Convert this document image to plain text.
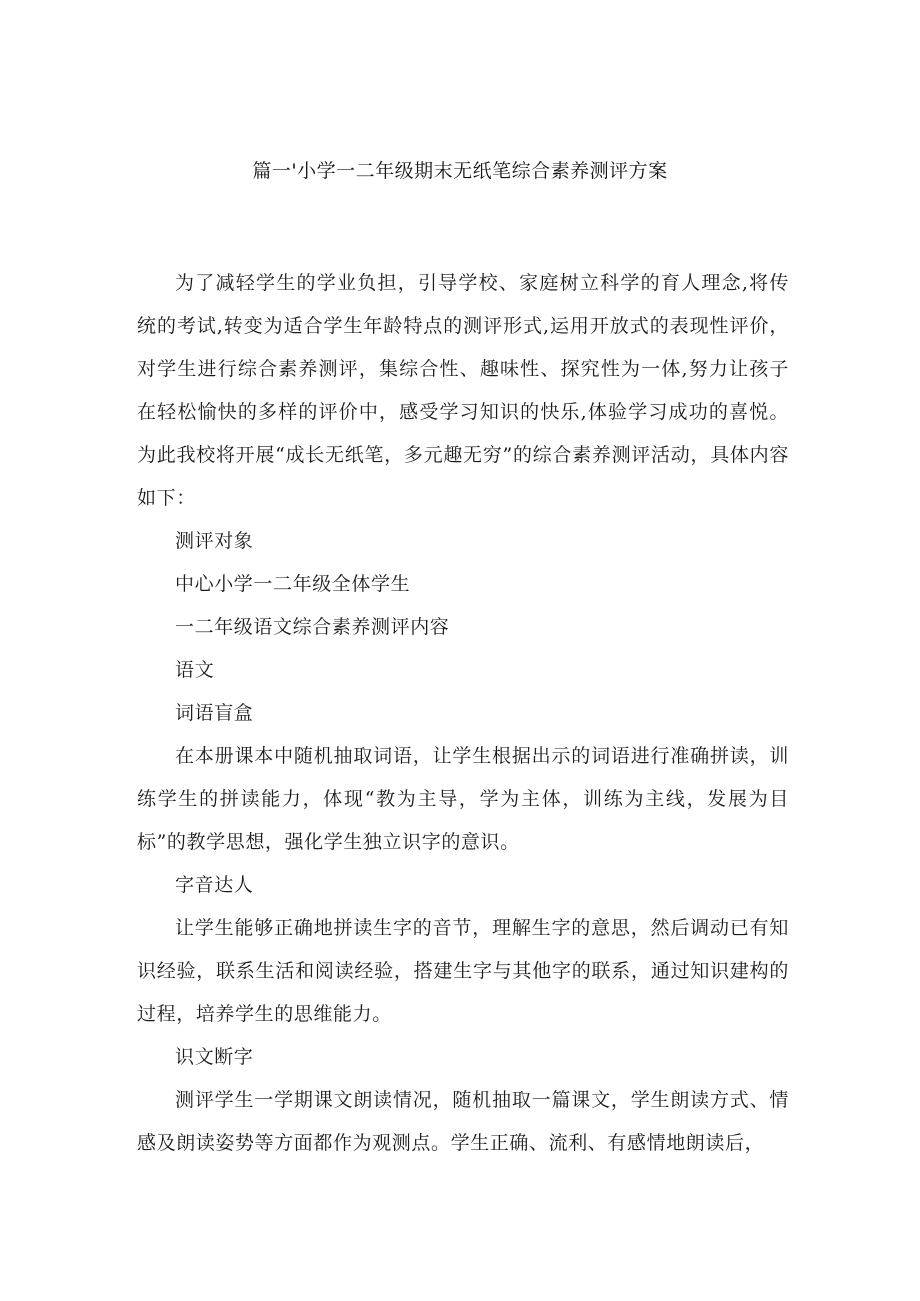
篇一'小学一二年级期末无纸笔综合素养测评方案

为了减轻学生的学业负担，引导学校、家庭树立科学的育人理念,将传统的考试,转变为适合学生年龄特点的测评形式,运用开放式的表现性评价，对学生进行综合素养测评，集综合性、趣味性、探究性为一体,努力让孩子在轻松愉快的多样的评价中，感受学习知识的快乐,体验学习成功的喜悦。为此我校将开展“成长无纸笔，多元趣无穷”的综合素养测评活动，具体内容如下：

测评对象

中心小学一二年级全体学生

一二年级语文综合素养测评内容

语文

词语盲盒

在本册课本中随机抽取词语，让学生根据出示的词语进行准确拼读，训练学生的拼读能力，体现“教为主导，学为主体，训练为主线，发展为目标”的教学思想，强化学生独立识字的意识。

字音达人

让学生能够正确地拼读生字的音节，理解生字的意思，然后调动已有知识经验，联系生活和阅读经验，搭建生字与其他字的联系，通过知识建构的过程，培养学生的思维能力。

识文断字

测评学生一学期课文朗读情况，随机抽取一篇课文，学生朗读方式、情感及朗读姿势等方面都作为观测点。学生正确、流利、有感情地朗读后，
